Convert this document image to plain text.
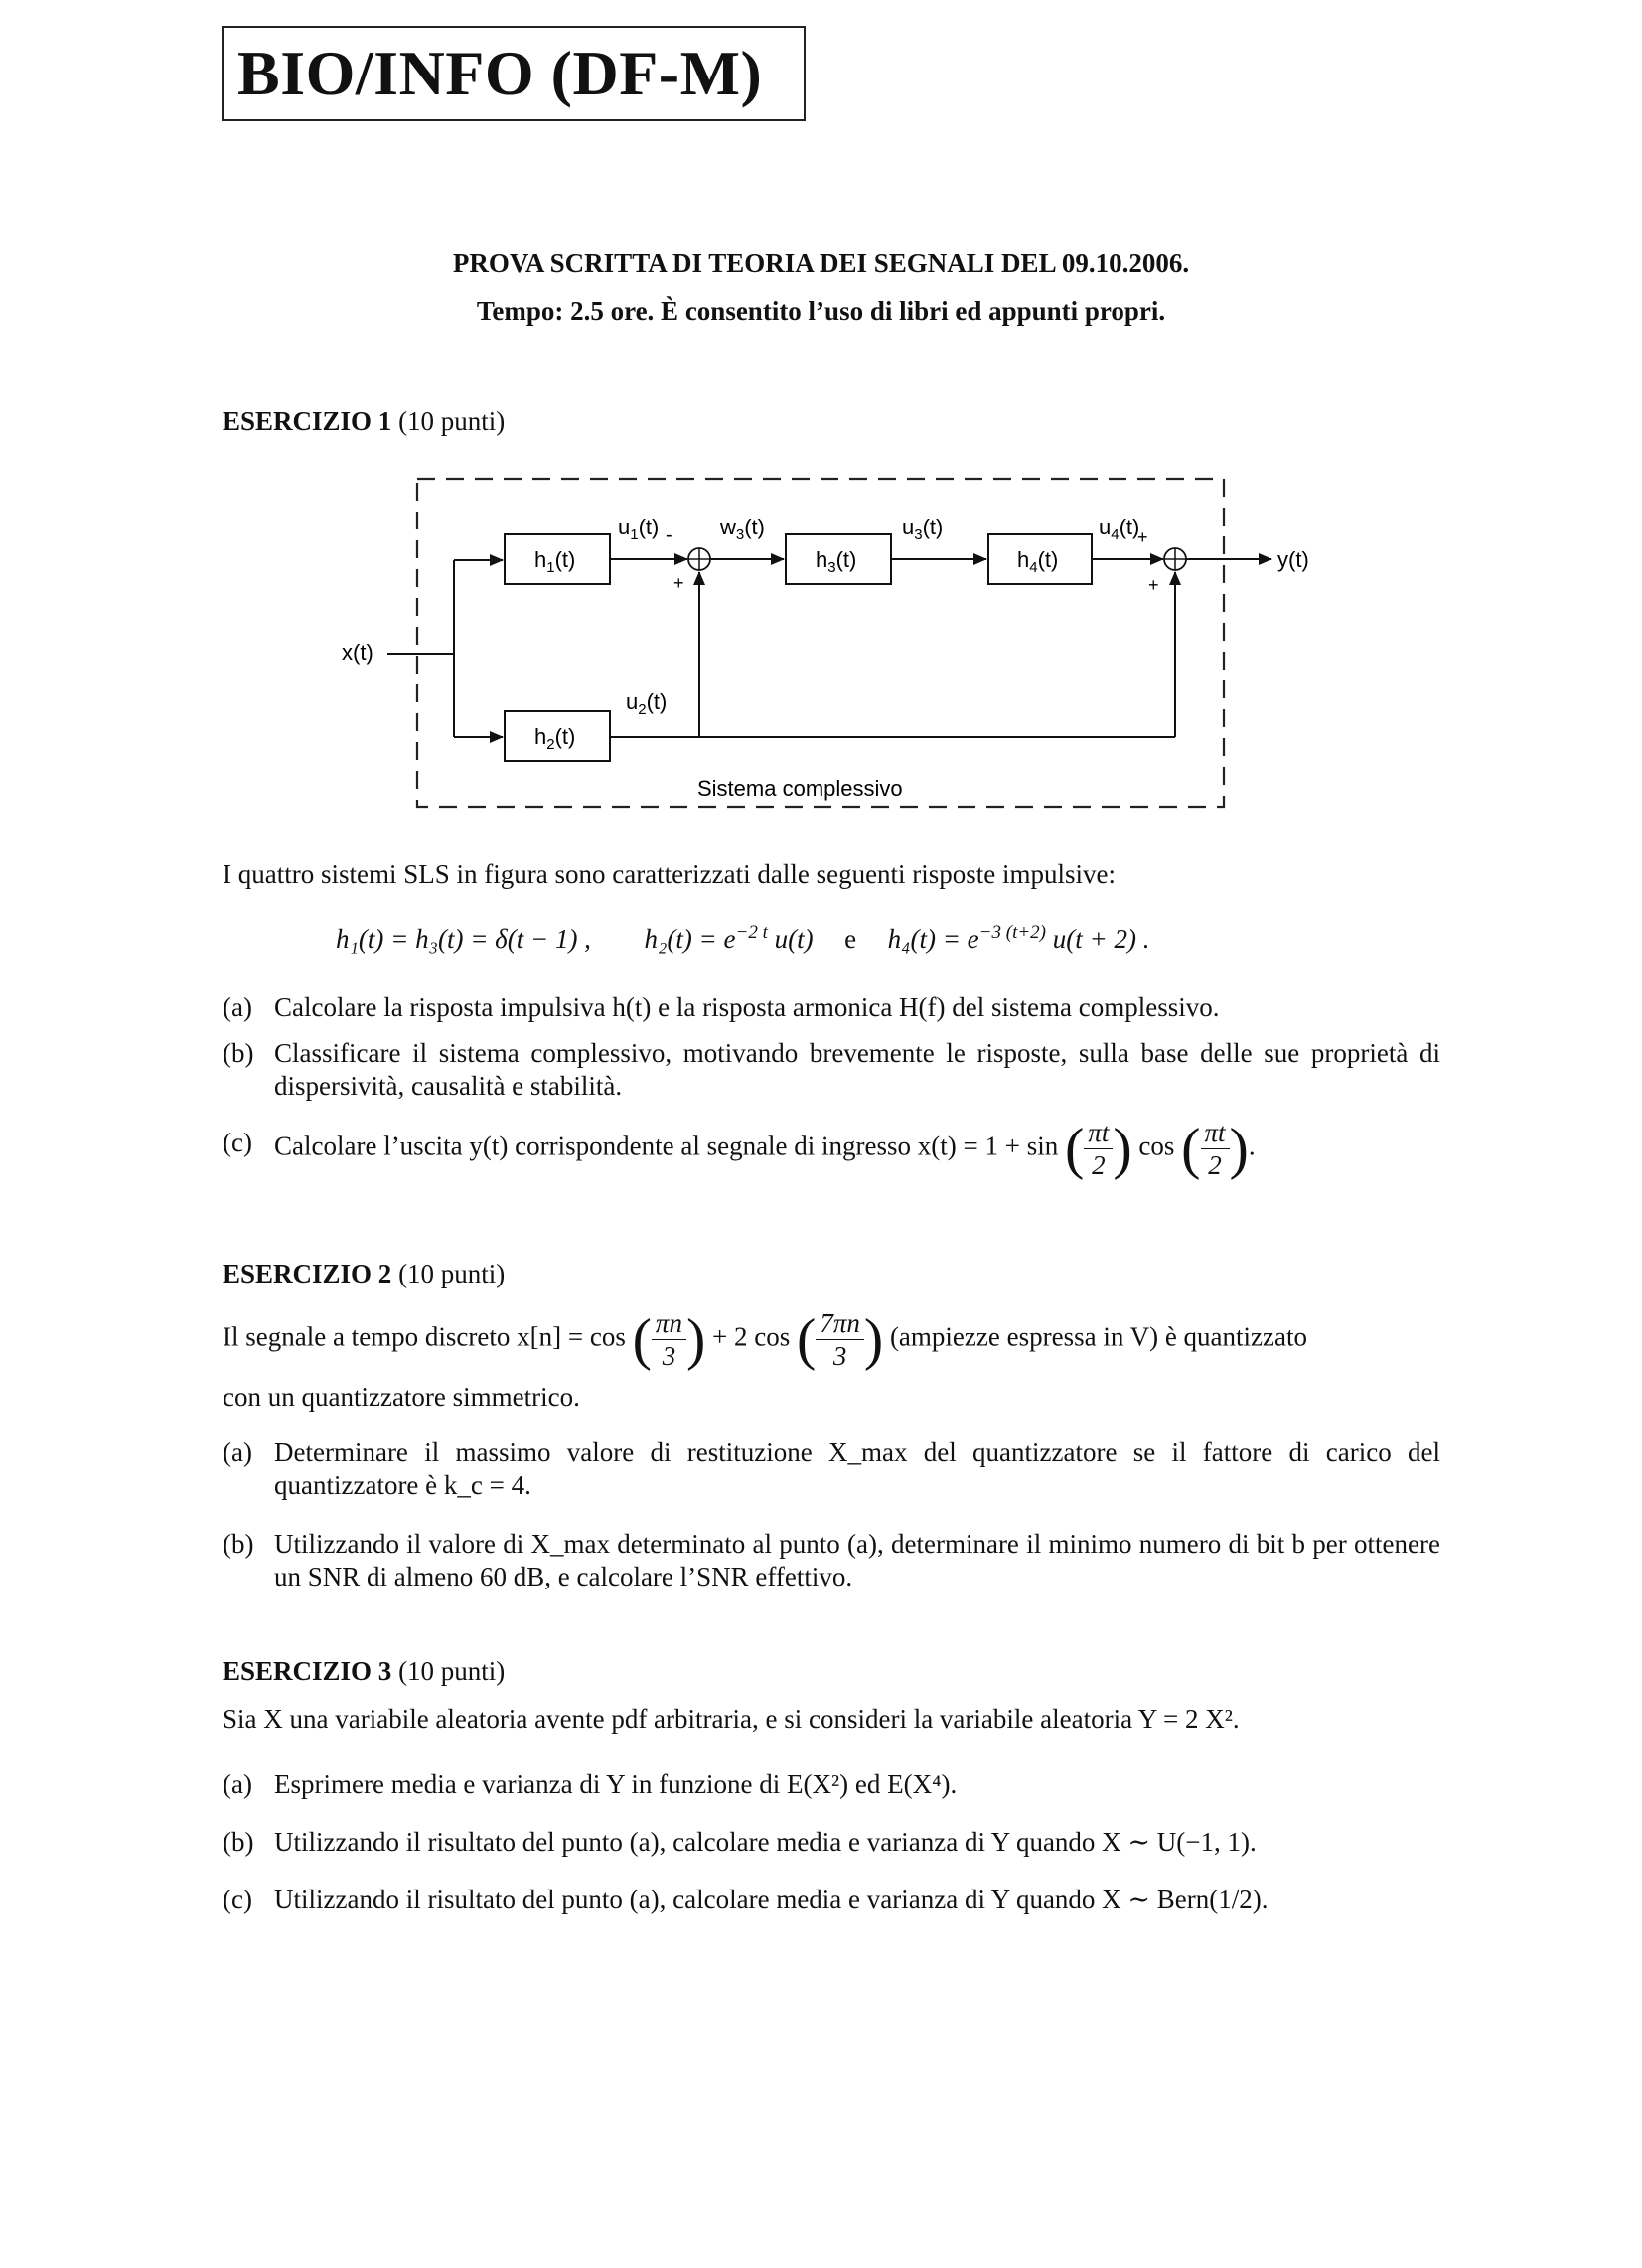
BIO/INFO (DF-M)
PROVA SCRITTA DI TEORIA DEI SEGNALI DEL 09.10.2006.
Tempo: 2.5 ore. È consentito l’uso di libri ed appunti propri.
ESERCIZIO 1 (10 punti)
x(t)
$h_1(t)$
$h_2(t)$
$u_1(t)$ -
+
$u_2(t)$
$w_3(t)$
$h_3(t)$
$u_3(t)$
$h_4(t)$
$u_4(t)$
+
+
y(t)
Sistema complessivo
I quattro sistemi SLS in figura sono caratterizzati dalle seguenti risposte impulsive:
h₁(t) = h₃(t) = δ(t − 1) , $h_2(t) = e^{-2 t}$ u(t) e $h_4(t) = e^{-3 (t+2)}$ u(t + 2) .
(a) Calcolare la risposta impulsiva h(t) e la risposta armonica H(f) del sistema complessivo.
(b) Classificare il sistema complessivo, motivando brevemente le risposte, sulla base delle sue proprietà di dispersività, causalità e stabilità.
(c) Calcolare l’uscita y(t) corrispondente al segnale di ingresso x(t) = 1 + sin ( $\frac{\pi t}{2}$ ) cos ( $\frac{\pi t}{2}$ ).
ESERCIZIO 2 (10 punti)
Il segnale a tempo discreto x[n] = cos ( $\frac{\pi n}{3}$ ) + 2 cos ( $\frac{7\pi n}{3}$ ) (ampiezze espressa in V) è quantizzato
con un quantizzatore simmetrico.
(a) Determinare il massimo valore di restituzione X_max del quantizzatore se il fattore di carico del quantizzatore è k_c = 4.
(b) Utilizzando il valore di X_max determinato al punto (a), determinare il minimo numero di bit b per ottenere un SNR di almeno 60 dB, e calcolare l’SNR effettivo.
ESERCIZIO 3 (10 punti)
Sia X una variabile aleatoria avente pdf arbitraria, e si consideri la variabile aleatoria Y = 2 X².
(a) Esprimere media e varianza di Y in funzione di E(X²) ed E(X⁴).
(b) Utilizzando il risultato del punto (a), calcolare media e varianza di Y quando X ∼ U(−1, 1).
(c) Utilizzando il risultato del punto (a), calcolare media e varianza di Y quando X ∼ Bern(1/2).
